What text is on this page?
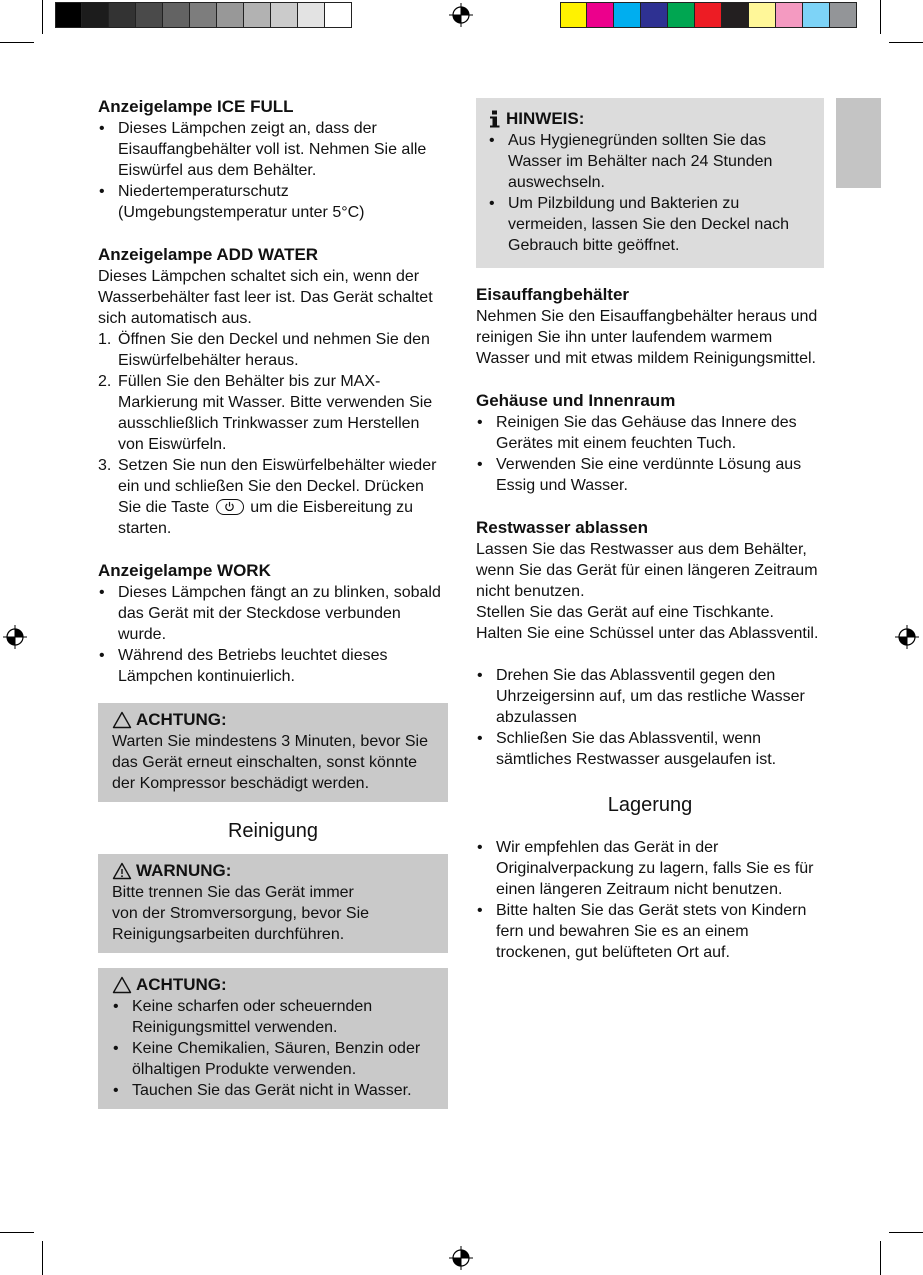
Anzeigelampe ICE FULL
• Dieses Lämpchen zeigt an, dass der Eisauffangbehälter voll ist. Nehmen Sie alle Eiswürfel aus dem Behälter.
• Niedertemperaturschutz (Umgebungstemperatur unter 5°C)
Anzeigelampe ADD WATER

Dieses Lämpchen schaltet sich ein, wenn der Wasserbehälter fast leer ist. Das Gerät schaltet sich automatisch aus.

1. Öffnen Sie den Deckel und nehmen Sie den Eiswürfelbehälter heraus.
2. Füllen Sie den Behälter bis zur MAX-Markierung mit Wasser. Bitte verwenden Sie ausschließlich Trinkwasser zum Herstellen von Eiswürfeln.
3. Setzen Sie nun den Eiswürfelbehälter wieder ein und schließen Sie den Deckel. Drücken Sie die Taste	um die Eisbereitung zu starten.
Anzeigelampe WORK
• Dieses Lämpchen fängt an zu blinken, sobald das Gerät mit der Steckdose verbunden wurde.
• Während des Betriebs leuchtet dieses Lämpchen kontinuierlich.
ACHTUNG:

Warten Sie mindestens 3 Minuten, bevor Sie das Gerät erneut einschalten, sonst könnte der Kompressor beschädigt werden.

Reinigung
WARNUNG:

Bitte trennen Sie das Gerät immer von der Stromversorgung, bevor Sie Reinigungsarbeiten durchführen.

ACHTUNG:
• Keine scharfen oder scheuernden Reinigungsmittel verwenden.
• Keine Chemikalien, Säuren, Benzin oder ölhaltigen Produkte verwenden.
• Tauchen Sie das Gerät nicht in Wasser.
HINWEIS:
• Aus Hygienegründen sollten Sie das Wasser im Behälter nach 24 Stunden auswechseln.
• Um Pilzbildung und Bakterien zu vermeiden, lassen Sie den Deckel nach Gebrauch bitte geöffnet.
Eisauffangbehälter

Nehmen Sie den Eisauffangbehälter heraus und reinigen Sie ihn unter laufendem warmem Wasser und mit etwas mildem Reinigungsmittel.

Gehäuse und Innenraum
• Reinigen Sie das Gehäuse das Innere des Gerätes mit einem feuchten Tuch.
• Verwenden Sie eine verdünnte Lösung aus Essig und Wasser.
Restwasser ablassen

Lassen Sie das Restwasser aus dem Behälter, wenn Sie das Gerät für einen längeren Zeitraum nicht benutzen.

Stellen Sie das Gerät auf eine Tischkante. Halten Sie eine Schüssel unter das Ablassventil.

• Drehen Sie das Ablassventil gegen den Uhrzeigersinn auf, um das restliche Wasser abzulassen
• Schließen Sie das Ablassventil, wenn sämtliches Restwasser ausgelaufen ist.
Lagerung
• Wir empfehlen das Gerät in der Originalverpackung zu lagern, falls Sie es für einen längeren Zeitraum nicht benutzen.
• Bitte halten Sie das Gerät stets von Kindern fern und bewahren Sie es an einem trockenen, gut belüfteten Ort auf.
